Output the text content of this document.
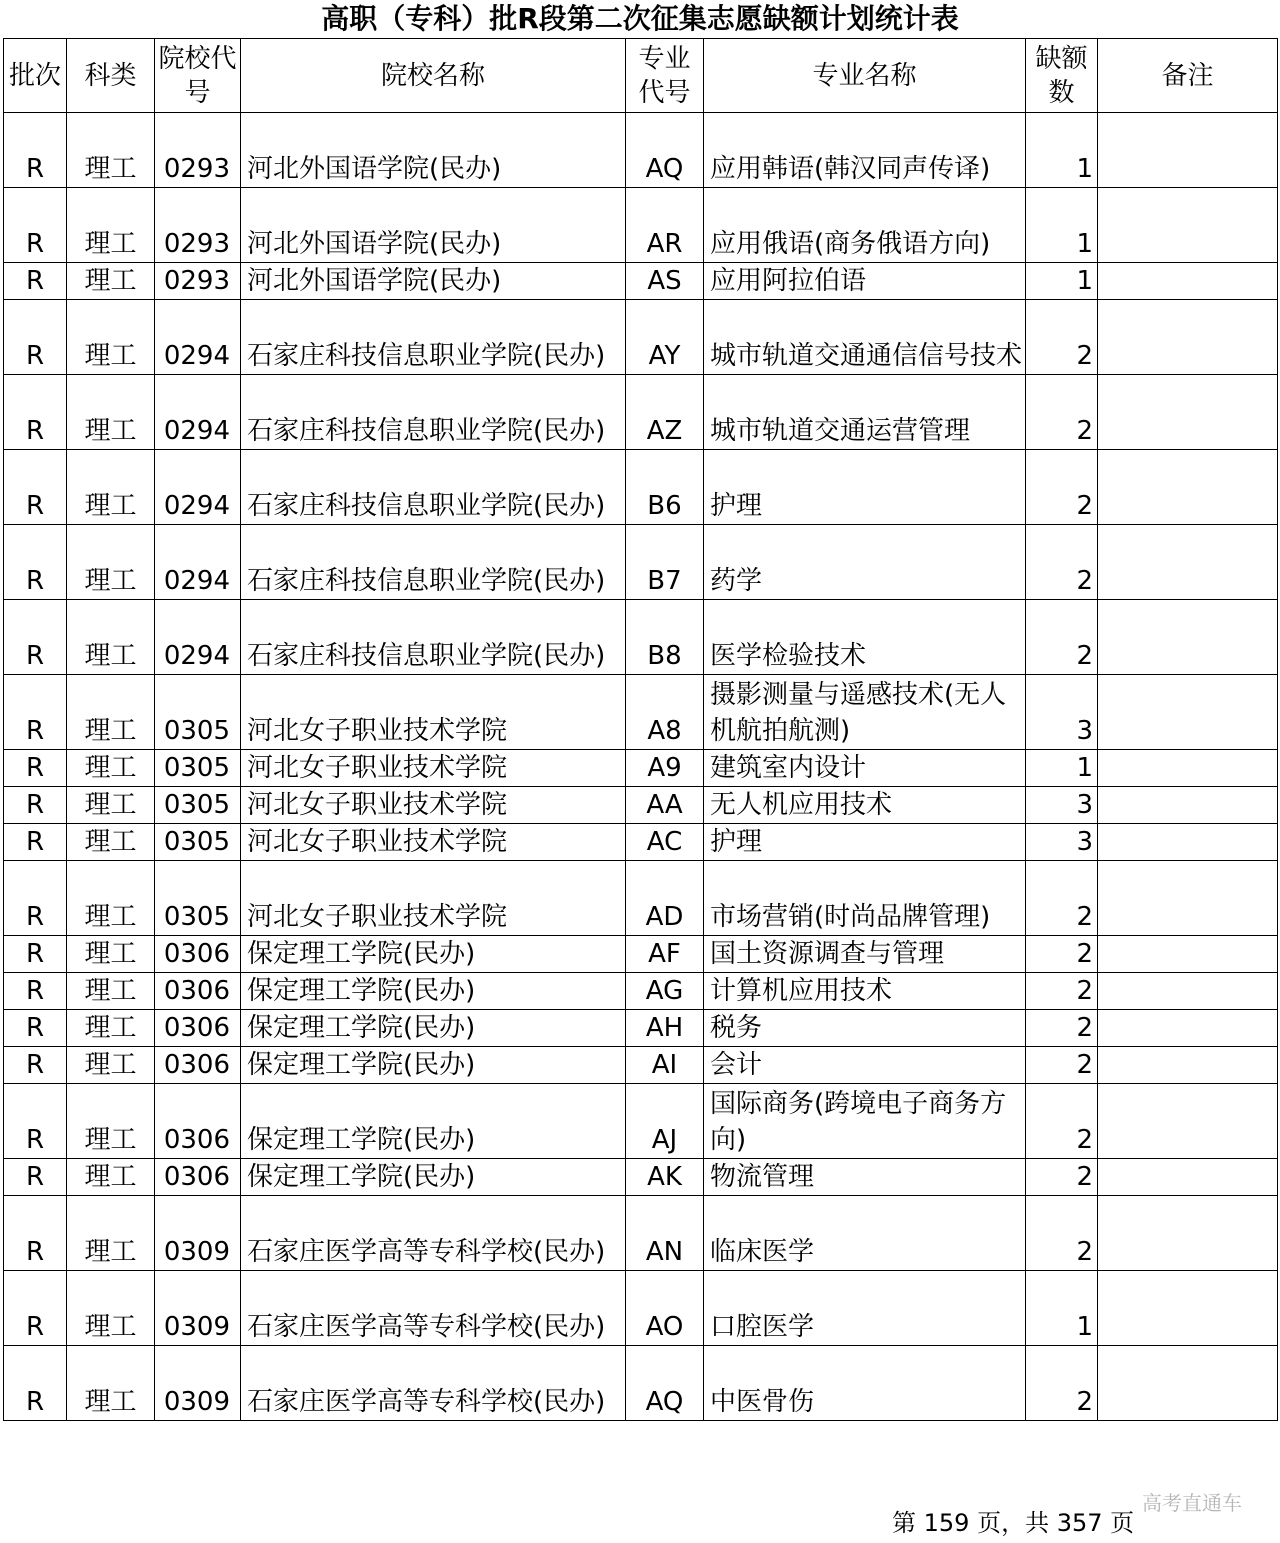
高职（专科）批R段第二次征集志愿缺额计划统计表
批次	科类	院校代号	院校名称	专业代号	专业名称	缺额数	备注
R	理工	0293	河北外国语学院(民办)	AQ	应用韩语(韩汉同声传译)	1	
R	理工	0293	河北外国语学院(民办)	AR	应用俄语(商务俄语方向)	1	
R	理工	0293	河北外国语学院(民办)	AS	应用阿拉伯语	1	
R	理工	0294	石家庄科技信息职业学院(民办)	AY	城市轨道交通通信信号技术	2	
R	理工	0294	石家庄科技信息职业学院(民办)	AZ	城市轨道交通运营管理	2	
R	理工	0294	石家庄科技信息职业学院(民办)	B6	护理	2	
R	理工	0294	石家庄科技信息职业学院(民办)	B7	药学	2	
R	理工	0294	石家庄科技信息职业学院(民办)	B8	医学检验技术	2	
R	理工	0305	河北女子职业技术学院	A8	摄影测量与遥感技术(无人机航拍航测)	3	
R	理工	0305	河北女子职业技术学院	A9	建筑室内设计	1	
R	理工	0305	河北女子职业技术学院	AA	无人机应用技术	3	
R	理工	0305	河北女子职业技术学院	AC	护理	3	
R	理工	0305	河北女子职业技术学院	AD	市场营销(时尚品牌管理)	2	
R	理工	0306	保定理工学院(民办)	AF	国土资源调查与管理	2	
R	理工	0306	保定理工学院(民办)	AG	计算机应用技术	2	
R	理工	0306	保定理工学院(民办)	AH	税务	2	
R	理工	0306	保定理工学院(民办)	AI	会计	2	
R	理工	0306	保定理工学院(民办)	AJ	国际商务(跨境电子商务方向)	2	
R	理工	0306	保定理工学院(民办)	AK	物流管理	2	
R	理工	0309	石家庄医学高等专科学校(民办)	AN	临床医学	2	
R	理工	0309	石家庄医学高等专科学校(民办)	AO	口腔医学	1	
R	理工	0309	石家庄医学高等专科学校(民办)	AQ	中医骨伤	2	
第 159 页，共 357 页
高考直通车
